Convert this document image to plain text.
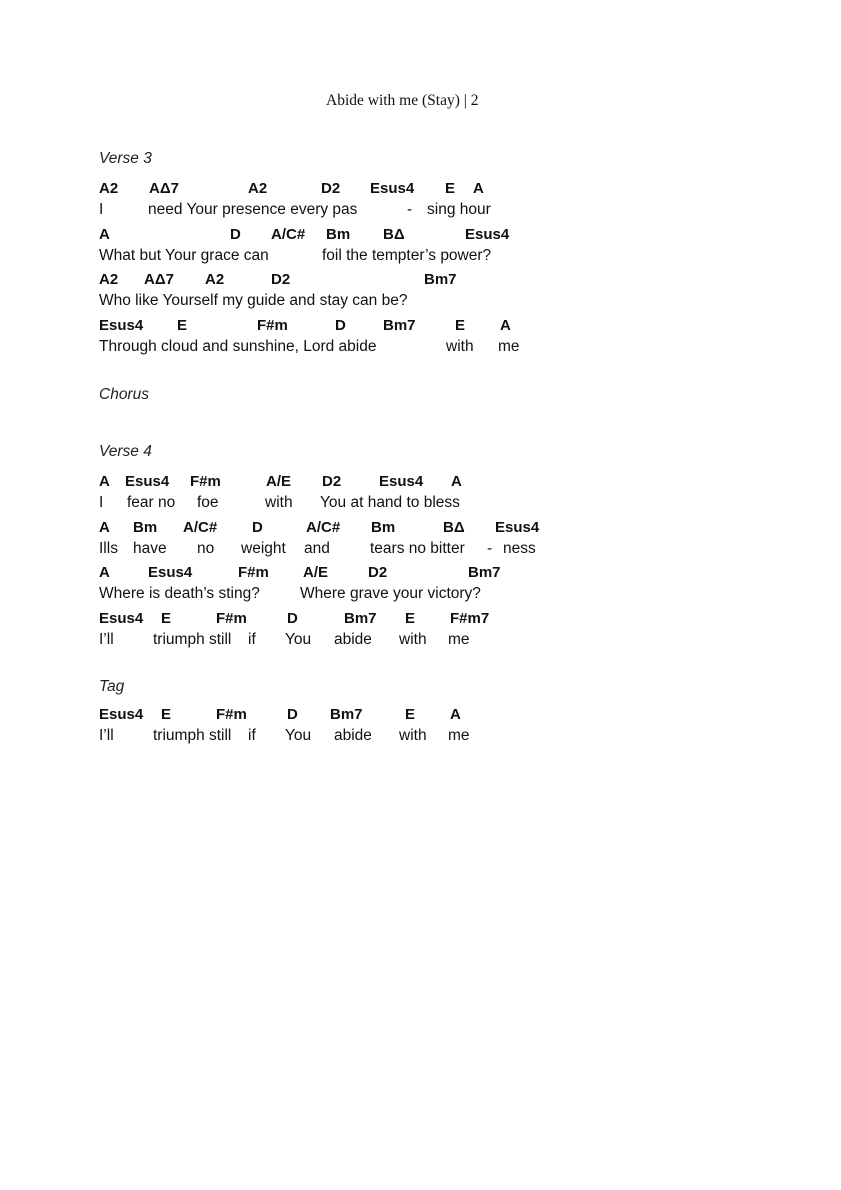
Abide with me (Stay) | 2
Verse 3
A2 AΔ7	A2	D2 Esus4 E A
I	need Your presence every pas	- sing hour
A	D A/C# Bm BΔ	Esus4
What but Your grace can	foil the tempter’s power?
A2 AΔ7 A2	D2	Bm7
Who like Yourself my guide and stay can be?
Esus4 E	F#m	D Bm7	E A
Through cloud and sunshine, Lord abide	with me
Chorus
Verse 4
A Esus4 F#m	A/E D2	Esus4 A
I fear no foe	with You at hand to bless
A Bm A/C# D	A/C# Bm	BΔ Esus4
Ills have no weight and	tears no bitter - ness
A	Esus4	F#m A/E	D2	Bm7
Where is death’s sting?	Where grave your victory?
Esus4 E	F#m	D	Bm7 E F#m7
I’ll	triumph still if You abide with me
Tag
Esus4 E	F#m	D Bm7	E A
I’ll	triumph still if You abide with me
